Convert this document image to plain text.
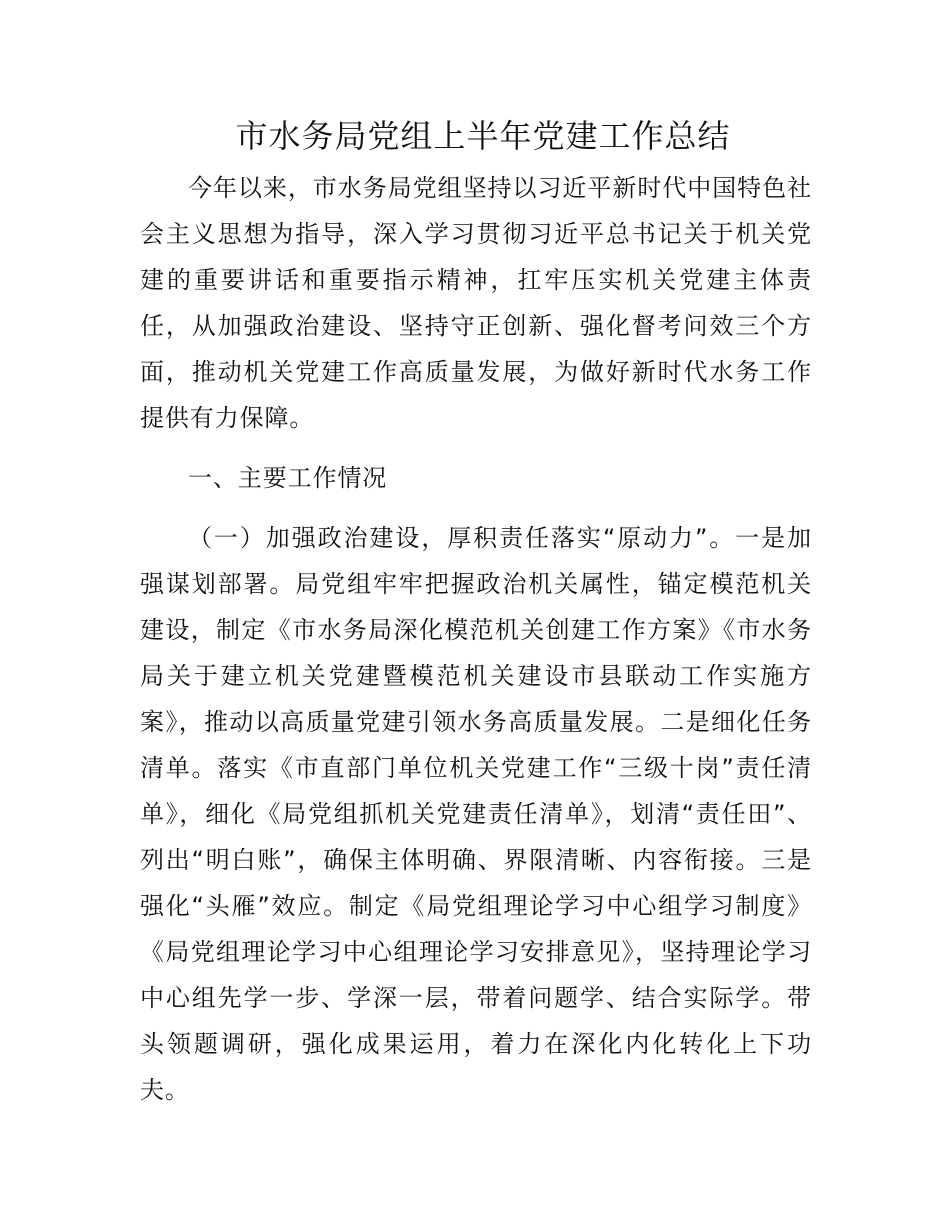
市水务局党组上半年党建工作总结

今年以来，市水务局党组坚持以习近平新时代中国特色社会主义思想为指导，深入学习贯彻习近平总书记关于机关党建的重要讲话和重要指示精神，扛牢压实机关党建主体责任，从加强政治建设、坚持守正创新、强化督考问效三个方面，推动机关党建工作高质量发展，为做好新时代水务工作提供有力保障。

一、主要工作情况

（一）加强政治建设，厚积责任落实“原动力”。一是加强谋划部署。局党组牢牢把握政治机关属性，锚定模范机关建设，制定《市水务局深化模范机关创建工作方案》《市水务局关于建立机关党建暨模范机关建设市县联动工作实施方案》，推动以高质量党建引领水务高质量发展。二是细化任务清单。落实《市直部门单位机关党建工作“三级十岗”责任清单》，细化《局党组抓机关党建责任清单》，划清“责任田”、列出“明白账”，确保主体明确、界限清晰、内容衔接。三是强化“头雁”效应。制定《局党组理论学习中心组学习制度》《局党组理论学习中心组理论学习安排意见》，坚持理论学习中心组先学一步、学深一层，带着问题学、结合实际学。带头领题调研，强化成果运用，着力在深化内化转化上下功夫。
